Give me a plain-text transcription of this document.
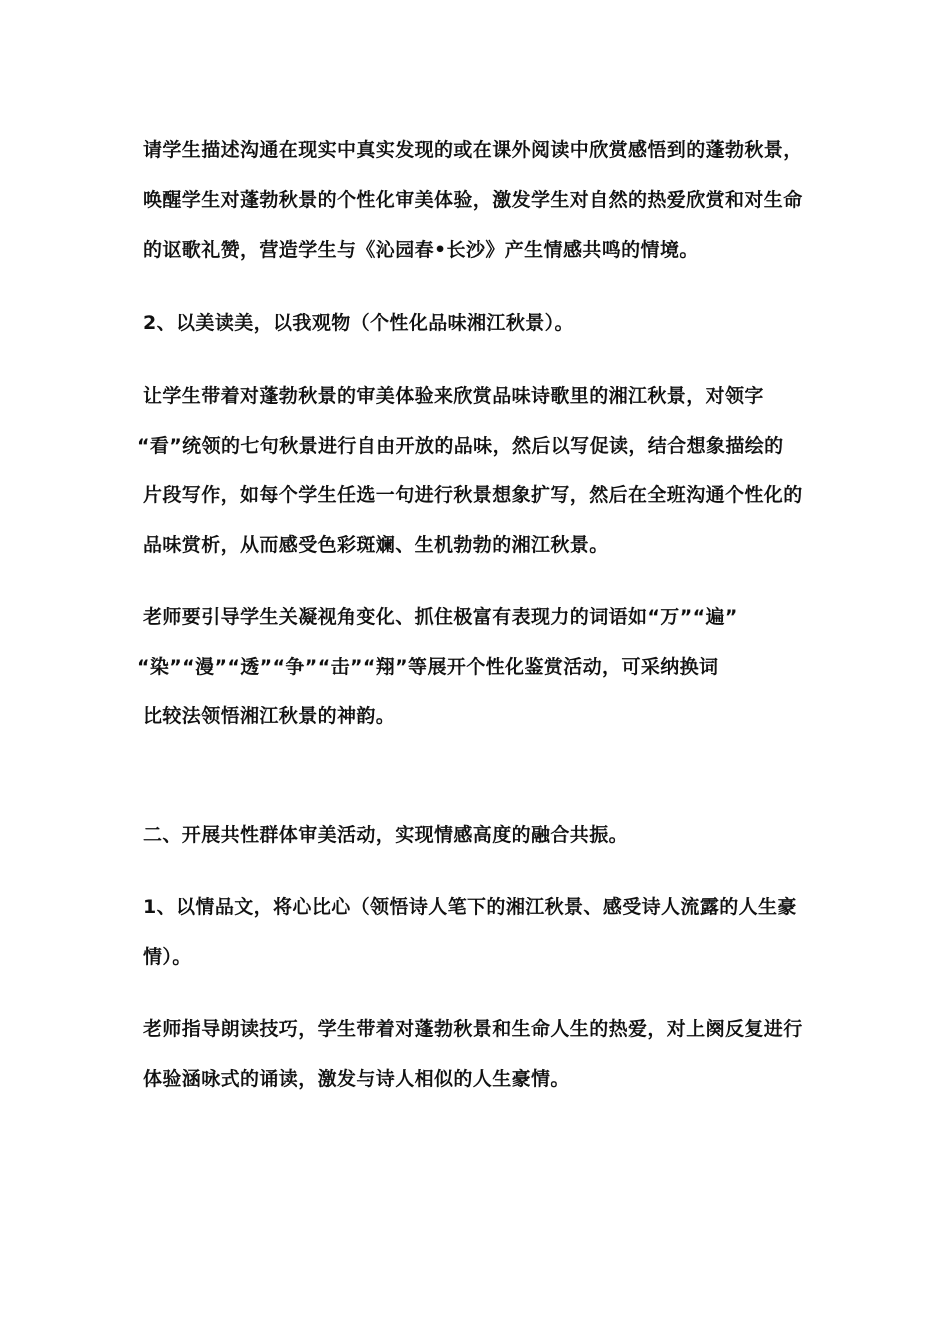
请学生描述沟通在现实中真实发现的或在课外阅读中欣赏感悟到的蓬勃秋景，

唤醒学生对蓬勃秋景的个性化审美体验，激发学生对自然的热爱欣赏和对生命

的讴歌礼赞，营造学生与《沁园春•长沙》产生情感共鸣的情境。

2、以美读美，以我观物（个性化品味湘江秋景）。

让学生带着对蓬勃秋景的审美体验来欣赏品味诗歌里的湘江秋景，对领字

“看”统领的七句秋景进行自由开放的品味，然后以写促读，结合想象描绘的

片段写作，如每个学生任选一句进行秋景想象扩写，然后在全班沟通个性化的

品味赏析，从而感受色彩斑斓、生机勃勃的湘江秋景。

老师要引导学生关凝视角变化、抓住极富有表现力的词语如“万”“遍”

“染”“漫”“透”“争”“击”“翔”等展开个性化鉴赏活动，可采纳换词

比较法领悟湘江秋景的神韵。

二、开展共性群体审美活动，实现情感高度的融合共振。

1、以情品文，将心比心（领悟诗人笔下的湘江秋景、感受诗人流露的人生豪

情）。

老师指导朗读技巧，学生带着对蓬勃秋景和生命人生的热爱，对上阕反复进行

体验涵咏式的诵读，激发与诗人相似的人生豪情。
